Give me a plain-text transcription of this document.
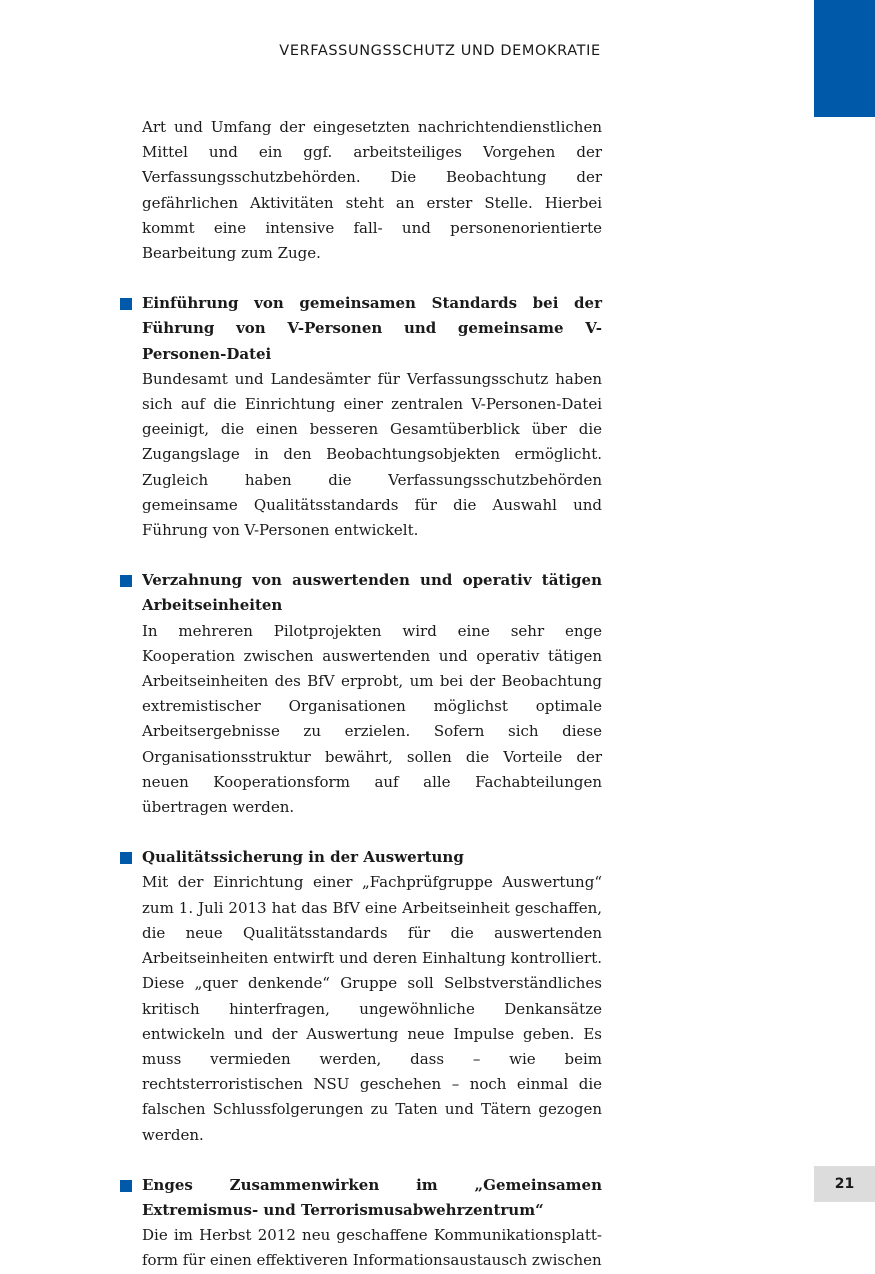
VERFASSUNGSSCHUTZ UND DEMOKRATIE

Art und Umfang der eingesetzten nachrichtendienstlichen Mittel und ein ggf. arbeitsteiliges Vorgehen der Verfassungsschutzbehörden. Die Beobachtung der gefährlichen Aktivitäten steht an erster Stelle. Hierbei kommt eine intensive fall- und personenorientierte Bearbeitung zum Zuge.

Einführung von gemeinsamen Standards bei der Führung von V-Personen und gemeinsame V-Personen-Datei

Bundesamt und Landesämter für Verfassungsschutz haben sich auf die Einrichtung einer zentralen V-Personen-Datei geeinigt, die einen besseren Gesamtüberblick über die Zugangslage in den Beobachtungsobjekten ermöglicht. Zugleich haben die Verfassungsschutzbehörden gemeinsame Qualitätsstandards für die Auswahl und Führung von V-Personen entwickelt.

Verzahnung von auswertenden und operativ tätigen Arbeitseinheiten

In mehreren Pilotprojekten wird eine sehr enge Kooperation zwischen auswertenden und operativ tätigen Arbeitseinheiten des BfV erprobt, um bei der Beobachtung extremistischer Organisationen möglichst optimale Arbeitsergebnisse zu erzielen. Sofern sich diese Organisationsstruktur bewährt, sollen die Vorteile der neuen Kooperationsform auf alle Fachabteilungen übertragen werden.

Qualitätssicherung in der Auswertung

Mit der Einrichtung einer „Fachprüfgruppe Auswertung“ zum 1. Juli 2013 hat das BfV eine Arbeitseinheit geschaffen, die neue Qualitätsstandards für die auswertenden Arbeitseinheiten entwirft und deren Einhaltung kontrolliert. Diese „quer denkende“ Gruppe soll Selbstverständliches kritisch hinterfragen, ungewöhnliche Denkansätze entwickeln und der Auswertung neue Impulse geben. Es muss vermieden werden, dass – wie beim rechtsterroristischen NSU geschehen – noch einmal die falschen Schlussfolgerungen zu Taten und Tätern gezogen werden.

Enges Zusammenwirken im „Gemeinsamen Extremismus- und Terrorismusabwehrzentrum“

Die im Herbst 2012 neu geschaffene Kommunikationsplattform für einen effektiveren Informationsaustausch zwischen

21
